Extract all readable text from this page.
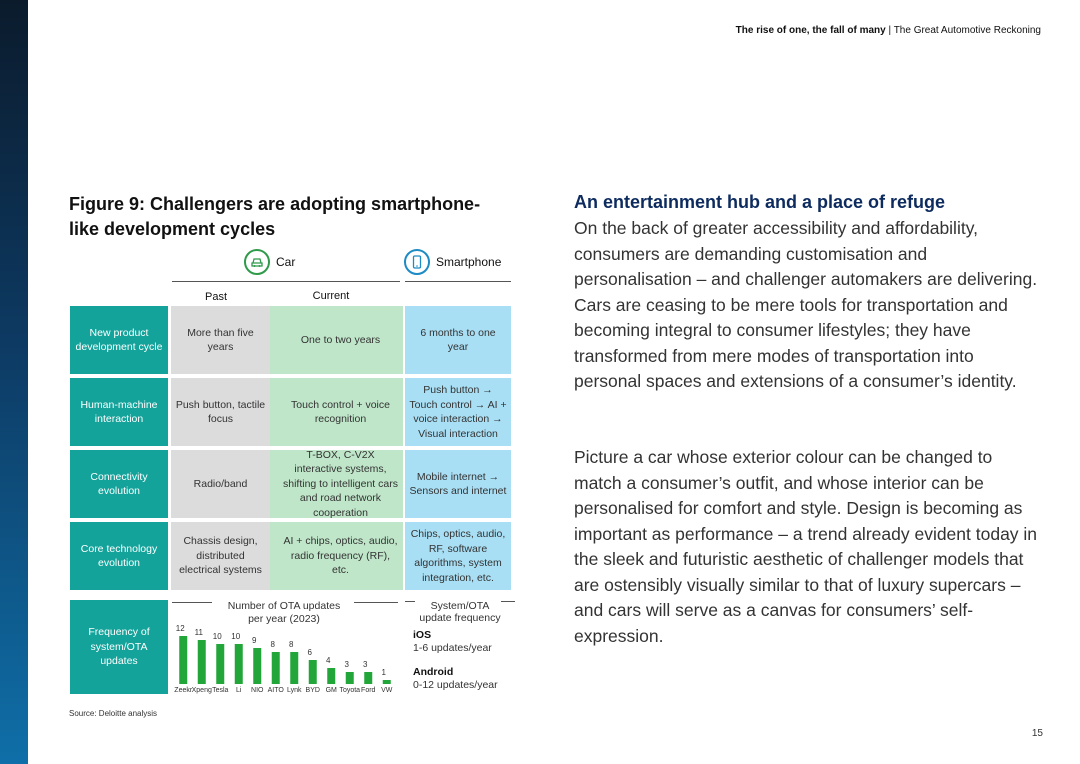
The rise of one, the fall of many | The Great Automotive Reckoning
Figure 9: Challengers are adopting smartphone-like development cycles
Car	Smartphone
Past	Current
New product development cycle
More than five years
One to two years
6 months to one year
Human-machine interaction
Push button, tactile focus
Touch control + voice recognition
Push button → Touch control → AI + voice interaction → Visual interaction
Connectivity evolution
Radio/band
T-BOX, C-V2X interactive systems, shifting to intelligent cars and road network cooperation
Mobile internet → Sensors and internet
Core technology evolution
Chassis design, distributed electrical systems
AI + chips, optics, audio, radio frequency (RF), etc.
Chips, optics, audio, RF, software algorithms, system integration, etc.
Frequency of system/OTA updates
Number of OTA updates per year (2023)
12
Zeekr
11
Xpeng
10
Tesla
10
Li
9
NIO
8
AITO
8
Lynk
6
BYD
4
GM
3
Toyota
3
Ford
1
VW
System/OTA update frequency
iOS
1-6 updates/year
Android
0-12 updates/year
Source: Deloitte analysis
An entertainment hub and a place of refuge
On the back of greater accessibility and affordability, consumers are demanding customisation and personalisation – and challenger automakers are delivering. Cars are ceasing to be mere tools for transportation and becoming integral to consumer lifestyles; they have transformed from mere modes of transportation into personal spaces and extensions of a consumer’s identity.
Picture a car whose exterior colour can be changed to match a consumer’s outfit, and whose interior can be personalised for comfort and style. Design is becoming as important as performance – a trend already evident today in the sleek and futuristic aesthetic of challenger models that are ostensibly visually similar to that of luxury supercars – and cars will serve as a canvas for consumers’ self-expression.
15
